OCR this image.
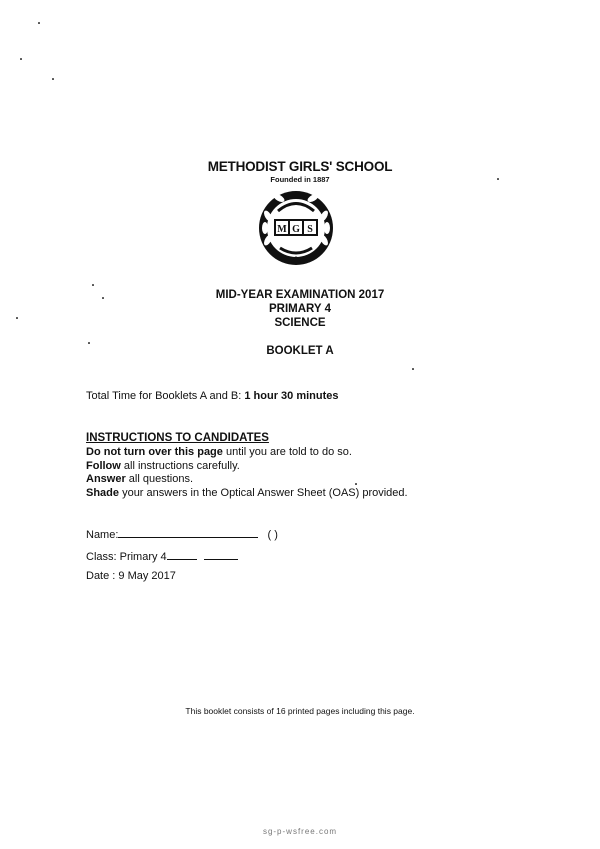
METHODIST GIRLS' SCHOOL
Founded in 1887
M G S
MID-YEAR EXAMINATION 2017
PRIMARY 4
SCIENCE
BOOKLET A
Total Time for Booklets A and B: 1 hour 30 minutes
INSTRUCTIONS TO CANDIDATES
Do not turn over this page until you are told to do so.
Follow all instructions carefully.
Answer all questions.
Shade your answers in the Optical Answer Sheet (OAS) provided.
Name:	( )
Class: Primary 4
Date : 9 May 2017
This booklet consists of 16 printed pages including this page.
sg-p-wsfree.com
